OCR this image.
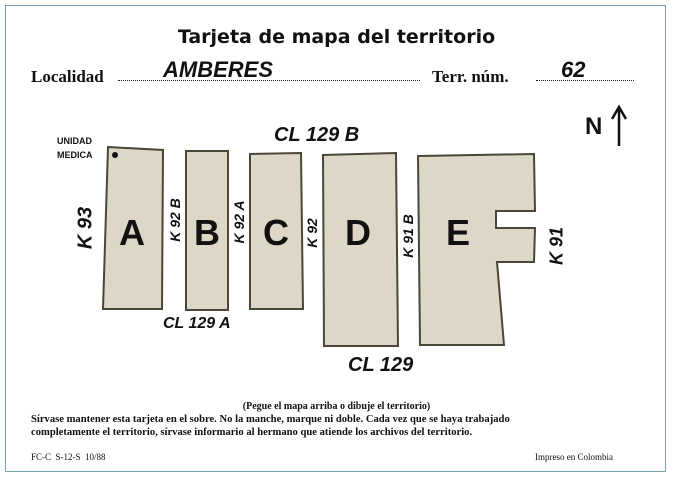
Tarjeta de mapa del territorio
Localidad	AMBERES	Terr. núm. 62
N
A B C D E
UNIDAD
MEDICA
CL 129 B
CL 129 A
CL 129
K 93	K 92 B	K 92 A	K 92	K 91 B	K 91
(Pegue el mapa arriba o dibuje el territorio)
Sírvase mantener esta tarjeta en el sobre. No la manche, marque ni doble. Cada vez que se haya trabajado
completamente el territorio, sírvase informario al hermano que atiende los archivos del territorio.
FC-C  S-12-S  10/88	Impreso en Colombia
